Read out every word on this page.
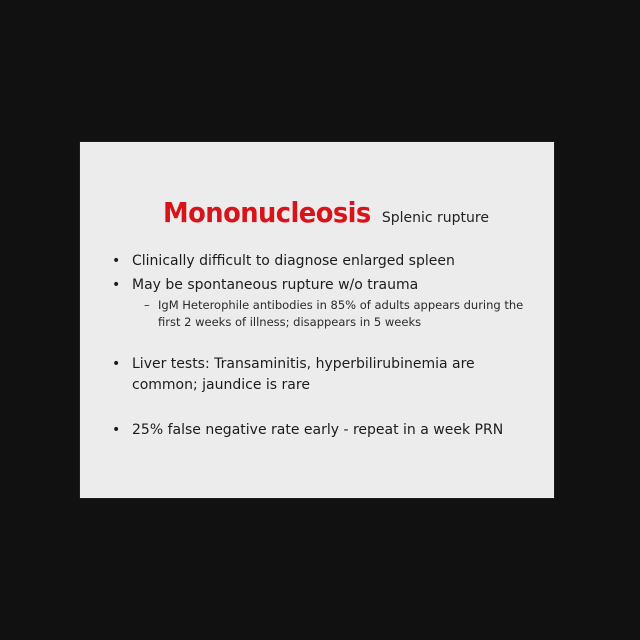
Mononucleosis Splenic rupture
• Clinically difficult to diagnose enlarged spleen
• May be spontaneous rupture w/o trauma
– IgM Heterophile antibodies in 85% of adults appears during the first 2 weeks of illness; disappears in 5 weeks
• Liver tests: Transaminitis, hyperbilirubinemia are common; jaundice is rare
• 25% false negative rate early - repeat in a week PRN
